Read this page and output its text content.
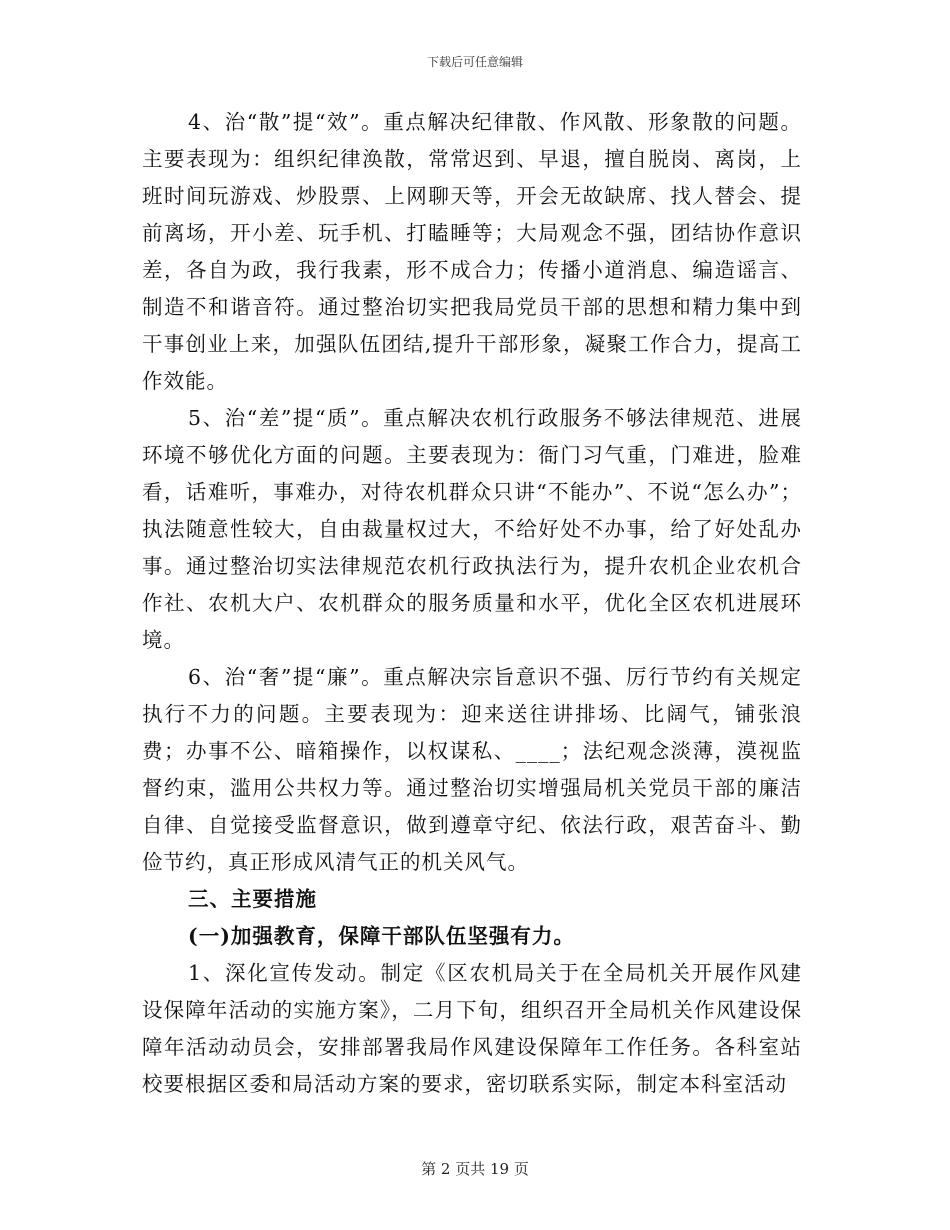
下载后可任意编辑

4、治“散”提“效”。重点解决纪律散、作风散、形象散的问题。主要表现为：组织纪律涣散，常常迟到、早退，擅自脱岗、离岗，上班时间玩游戏、炒股票、上网聊天等，开会无故缺席、找人替会、提前离场，开小差、玩手机、打瞌睡等；大局观念不强，团结协作意识差，各自为政，我行我素，形不成合力；传播小道消息、编造谣言、制造不和谐音符。通过整治切实把我局党员干部的思想和精力集中到干事创业上来，加强队伍团结,提升干部形象，凝聚工作合力，提高工作效能。

5、治“差”提“质”。重点解决农机行政服务不够法律规范、进展环境不够优化方面的问题。主要表现为：衙门习气重，门难进，脸难看，话难听，事难办，对待农机群众只讲“不能办”、不说“怎么办”；执法随意性较大，自由裁量权过大，不给好处不办事，给了好处乱办事。通过整治切实法律规范农机行政执法行为，提升农机企业农机合作社、农机大户、农机群众的服务质量和水平，优化全区农机进展环境。

6、治“奢”提“廉”。重点解决宗旨意识不强、厉行节约有关规定执行不力的问题。主要表现为：迎来送往讲排场、比阔气，铺张浪费；办事不公、暗箱操作，以权谋私、____；法纪观念淡薄，漠视监督约束，滥用公共权力等。通过整治切实增强局机关党员干部的廉洁自律、自觉接受监督意识，做到遵章守纪、依法行政，艰苦奋斗、勤俭节约，真正形成风清气正的机关风气。

三、主要措施

(一)加强教育，保障干部队伍坚强有力。

1、深化宣传发动。制定《区农机局关于在全局机关开展作风建设保障年活动的实施方案》，二月下旬，组织召开全局机关作风建设保障年活动动员会，安排部署我局作风建设保障年工作任务。各科室站校要根据区委和局活动方案的要求，密切联系实际，制定本科室活动

第 2 页共 19 页
